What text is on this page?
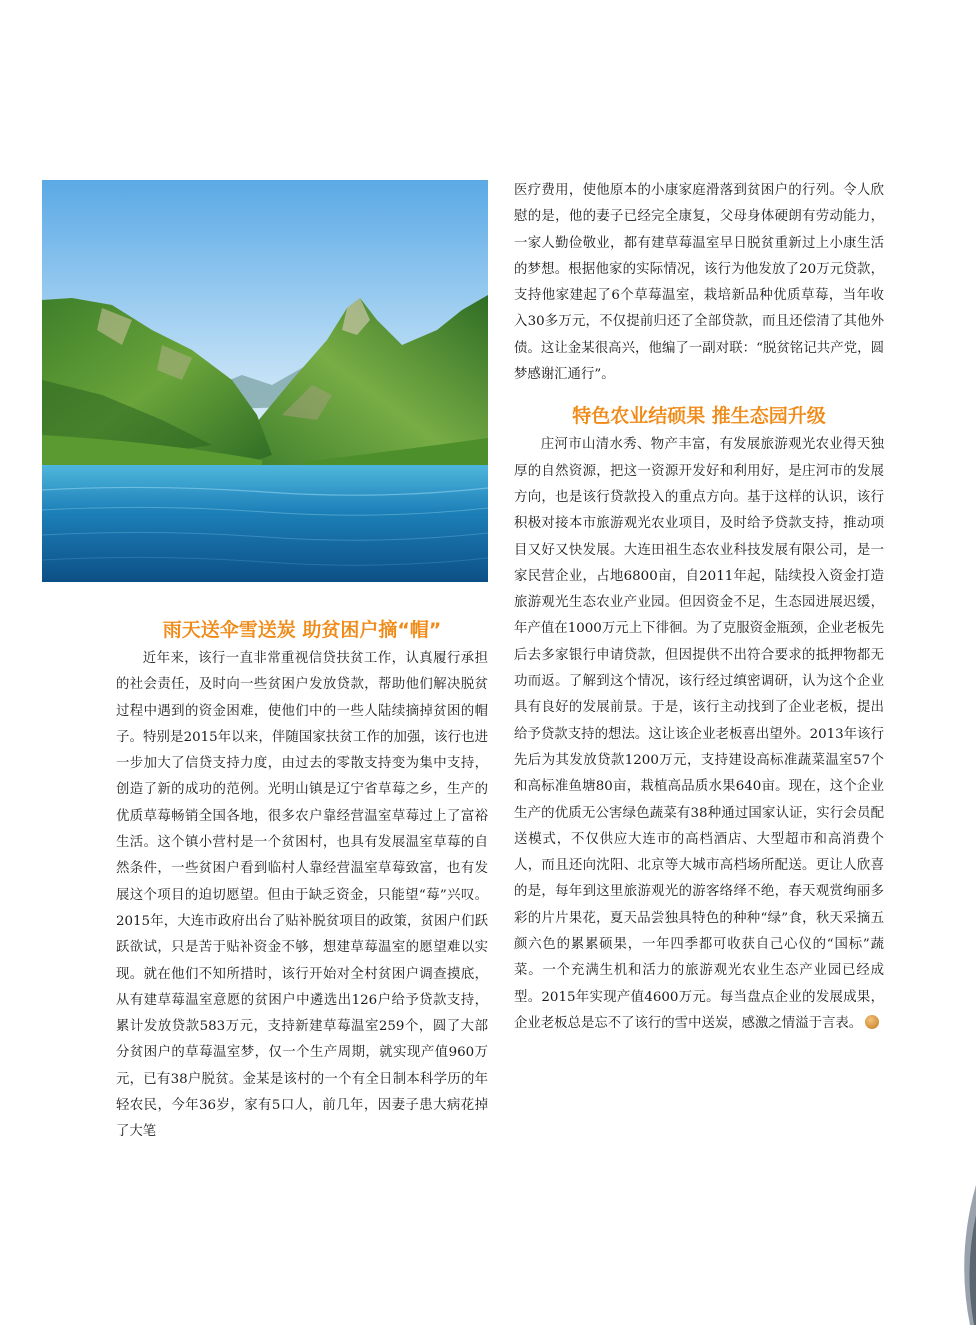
雨天送伞雪送炭 助贫困户摘“帽”

近年来，该行一直非常重视信贷扶贫工作，认真履行承担的社会责任，及时向一些贫困户发放贷款，帮助他们解决脱贫过程中遇到的资金困难，使他们中的一些人陆续摘掉贫困的帽子。特别是2015年以来，伴随国家扶贫工作的加强，该行也进一步加大了信贷支持力度，由过去的零散支持变为集中支持，创造了新的成功的范例。光明山镇是辽宁省草莓之乡，生产的优质草莓畅销全国各地，很多农户靠经营温室草莓过上了富裕生活。这个镇小营村是一个贫困村，也具有发展温室草莓的自然条件，一些贫困户看到临村人靠经营温室草莓致富，也有发展这个项目的迫切愿望。但由于缺乏资金，只能望“莓”兴叹。2015年，大连市政府出台了贴补脱贫项目的政策，贫困户们跃跃欲试，只是苦于贴补资金不够，想建草莓温室的愿望难以实现。就在他们不知所措时，该行开始对全村贫困户调查摸底，从有建草莓温室意愿的贫困户中遴选出126户给予贷款支持，累计发放贷款583万元，支持新建草莓温室259个，圆了大部分贫困户的草莓温室梦，仅一个生产周期，就实现产值960万元，已有38户脱贫。金某是该村的一个有全日制本科学历的年轻农民，今年36岁，家有5口人，前几年，因妻子患大病花掉了大笔

医疗费用，使他原本的小康家庭滑落到贫困户的行列。令人欣慰的是，他的妻子已经完全康复，父母身体硬朗有劳动能力，一家人勤俭敬业，都有建草莓温室早日脱贫重新过上小康生活的梦想。根据他家的实际情况，该行为他发放了20万元贷款，支持他家建起了6个草莓温室，栽培新品种优质草莓，当年收入30多万元，不仅提前归还了全部贷款，而且还偿清了其他外债。这让金某很高兴，他编了一副对联：“脱贫铭记共产党，圆梦感谢汇通行”。

特色农业结硕果 推生态园升级

庄河市山清水秀、物产丰富，有发展旅游观光农业得天独厚的自然资源，把这一资源开发好和利用好，是庄河市的发展方向，也是该行贷款投入的重点方向。基于这样的认识，该行积极对接本市旅游观光农业项目，及时给予贷款支持，推动项目又好又快发展。大连田祖生态农业科技发展有限公司，是一家民营企业，占地6800亩，自2011年起，陆续投入资金打造旅游观光生态农业产业园。但因资金不足，生态园进展迟缓，年产值在1000万元上下徘徊。为了克服资金瓶颈，企业老板先后去多家银行申请贷款，但因提供不出符合要求的抵押物都无功而返。了解到这个情况，该行经过缜密调研，认为这个企业具有良好的发展前景。于是，该行主动找到了企业老板，提出给予贷款支持的想法。这让该企业老板喜出望外。2013年该行先后为其发放贷款1200万元，支持建设高标准蔬菜温室57个和高标准鱼塘80亩，栽植高品质水果640亩。现在，这个企业生产的优质无公害绿色蔬菜有38种通过国家认证，实行会员配送模式，不仅供应大连市的高档酒店、大型超市和高消费个人，而且还向沈阳、北京等大城市高档场所配送。更让人欣喜的是，每年到这里旅游观光的游客络绎不绝，春天观赏绚丽多彩的片片果花，夏天品尝独具特色的种种“绿”食，秋天采摘五颜六色的累累硕果，一年四季都可收获自己心仪的“国标”蔬菜。一个充满生机和活力的旅游观光农业生态产业园已经成型。2015年实现产值4600万元。每当盘点企业的发展成果，企业老板总是忘不了该行的雪中送炭，感激之情溢于言表。
